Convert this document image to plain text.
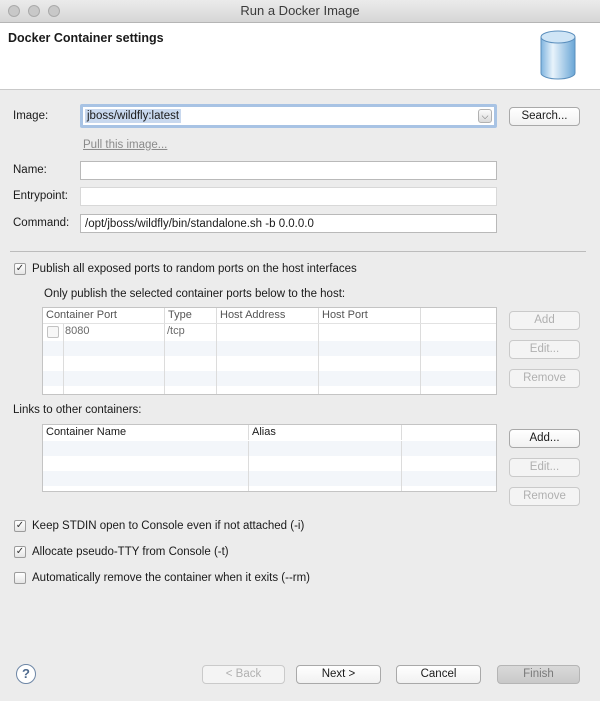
Run a Docker Image
Docker Container settings
Image:	jboss/wildfly:latest	⌵	Search...
Pull this image...
Name:
Entrypoint:
Command:
/opt/jboss/wildfly/bin/standalone.sh -b 0.0.0.0
✓ Publish all exposed ports to random ports on the host interfaces
Only publish the selected container ports below to the host:
Container Port	Type	Host Address	Host Port
8080	/tcp
Add
Edit...
Remove
Links to other containers:
Container Name	Alias	Add...
Edit...
Remove
✓ Keep STDIN open to Console even if not attached (-i)
✓ Allocate pseudo-TTY from Console (-t)
Automatically remove the container when it exits (--rm)
?	< Back	Next >	Cancel	Finish
